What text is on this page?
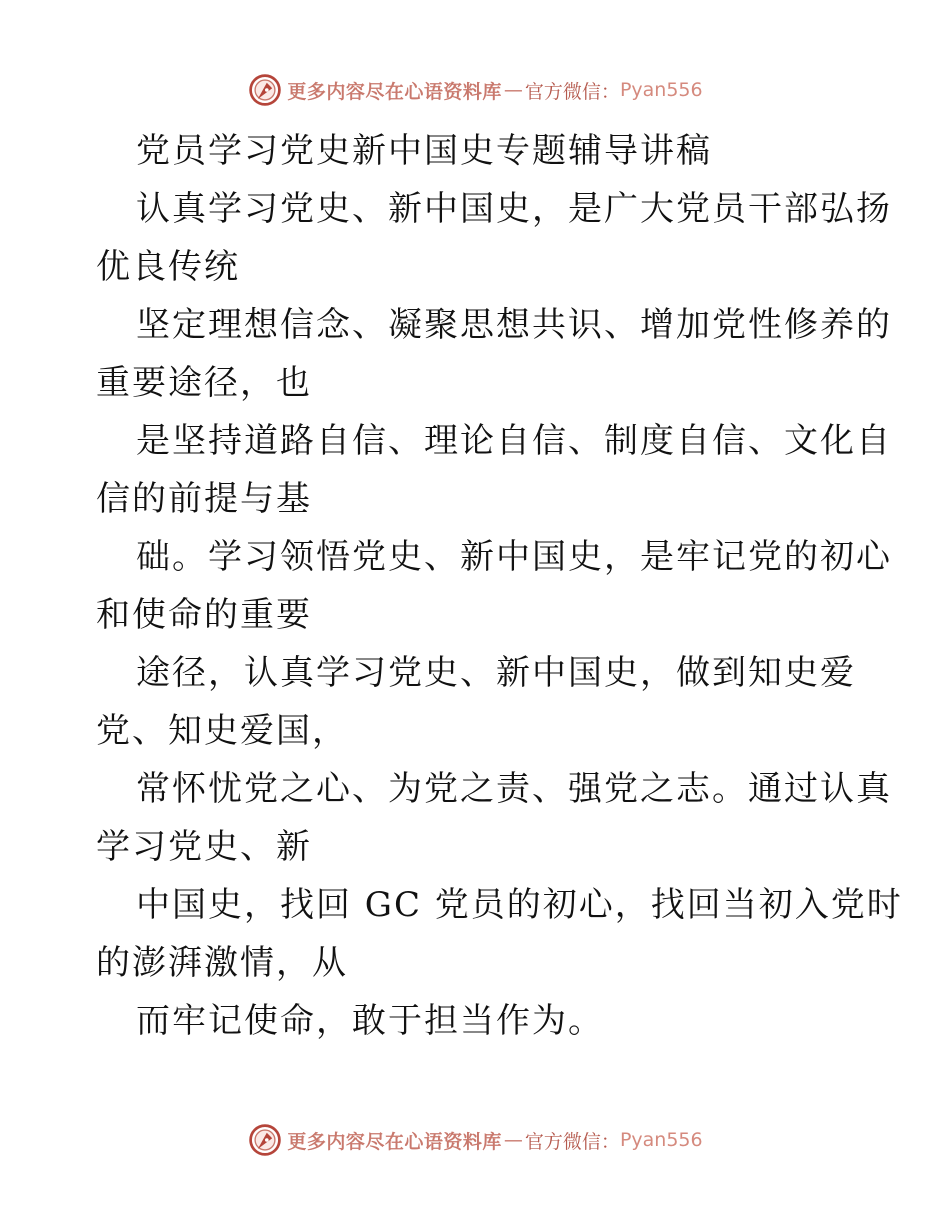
更多内容尽在心语资料库 — 官方微信： Pyan556

党员学习党史新中国史专题辅导讲稿

认真学习党史、新中国史，是广大党员干部弘扬

优良传统

坚定理想信念、凝聚思想共识、增加党性修养的

重要途径，也

是坚持道路自信、理论自信、制度自信、文化自

信的前提与基

础。学习领悟党史、新中国史，是牢记党的初心

和使命的重要

途径，认真学习党史、新中国史，做到知史爱

党、知史爱国，

常怀忧党之心、为党之责、强党之志。通过认真

学习党史、新

中国史，找回 GC 党员的初心，找回当初入党时

的澎湃激情，从

而牢记使命，敢于担当作为。

更多内容尽在心语资料库 — 官方微信： Pyan556
